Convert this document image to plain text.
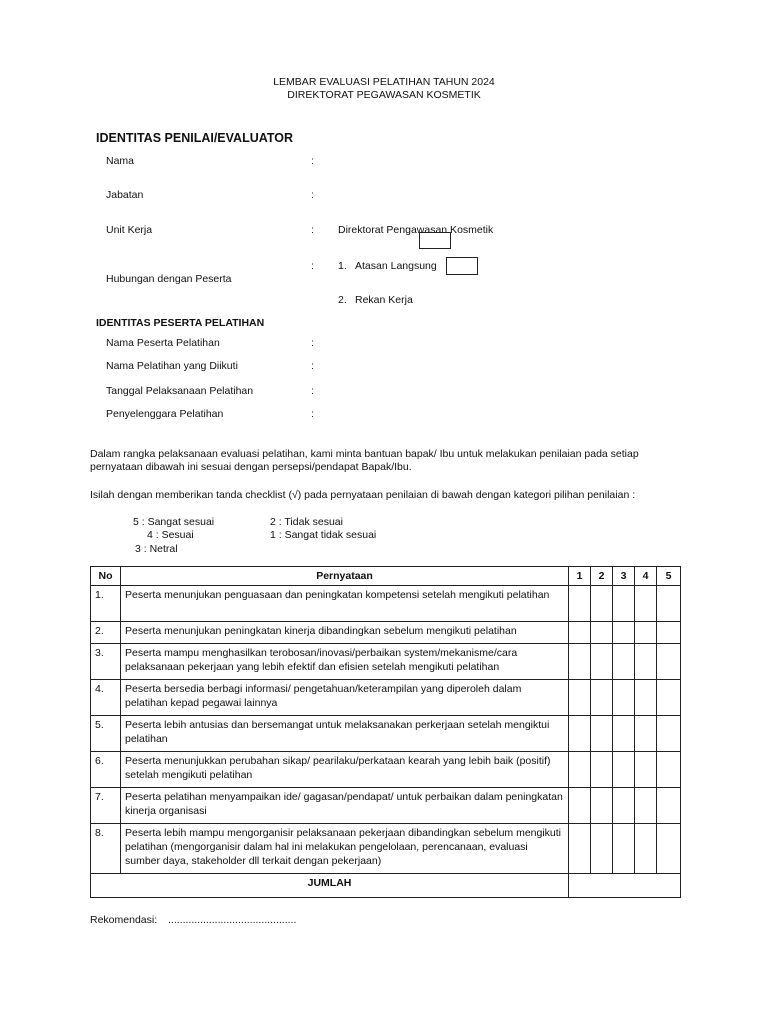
LEMBAR EVALUASI PELATIHAN TAHUN 2024
DIREKTORAT PEGAWASAN KOSMETIK
IDENTITAS PENILAI/EVALUATOR
Nama	:
Jabatan	:
Unit Kerja	: Direktorat Pengawasan Kosmetik
: 1. Atasan Langsung
Hubungan dengan Peserta
2. Rekan Kerja
IDENTITAS PESERTA PELATIHAN
Nama Peserta Pelatihan	:
Nama Pelatihan yang Diikuti	:
Tanggal Pelaksanaan Pelatihan	:
Penyelenggara Pelatihan	:
Dalam rangka pelaksanaan evaluasi pelatihan, kami minta bantuan bapak/ Ibu untuk melakukan penilaian pada setiap pernyataan dibawah ini sesuai dengan persepsi/pendapat Bapak/Ibu.
Isilah dengan memberikan tanda checklist (√) pada pernyataan penilaian di bawah dengan kategori pilihan penilaian :
5 : Sangat sesuai
4 : Sesuai
3 : Netral
2 : Tidak sesuai
1 : Sangat tidak sesuai
No	Pernyataan	1	2	3	4	5
1.	Peserta menunjukan penguasaan dan peningkatan kompetensi setelah mengikuti pelatihan					
2.	Peserta menunjukan peningkatan kinerja dibandingkan sebelum mengikuti pelatihan					
3.	Peserta mampu menghasilkan terobosan/inovasi/perbaikan system/mekanisme/cara pelaksanaan pekerjaan yang lebih efektif dan efisien setelah mengikuti pelatihan					
4.	Peserta bersedia berbagi informasi/ pengetahuan/keterampilan yang diperoleh dalam pelatihan kepad pegawai lainnya					
5.	Peserta lebih antusias dan bersemangat untuk melaksanakan perkerjaan setelah mengiktui pelatihan					
6.	Peserta menunjukkan perubahan sikap/ pearilaku/perkataan kearah yang lebih baik (positif) setelah mengikuti pelatihan					
7.	Peserta pelatihan menyampaikan ide/ gagasan/pendapat/ untuk perbaikan dalam peningkatan kinerja organisasi					
8.	Peserta lebih mampu mengorganisir pelaksanaan pekerjaan dibandingkan sebelum mengikuti pelatihan (mengorganisir dalam hal ini melakukan pengelolaan, perencanaan, evaluasi sumber daya, stakeholder dll terkait dengan pekerjaan)					
JUMLAH						
Rekomendasi: ............................................
